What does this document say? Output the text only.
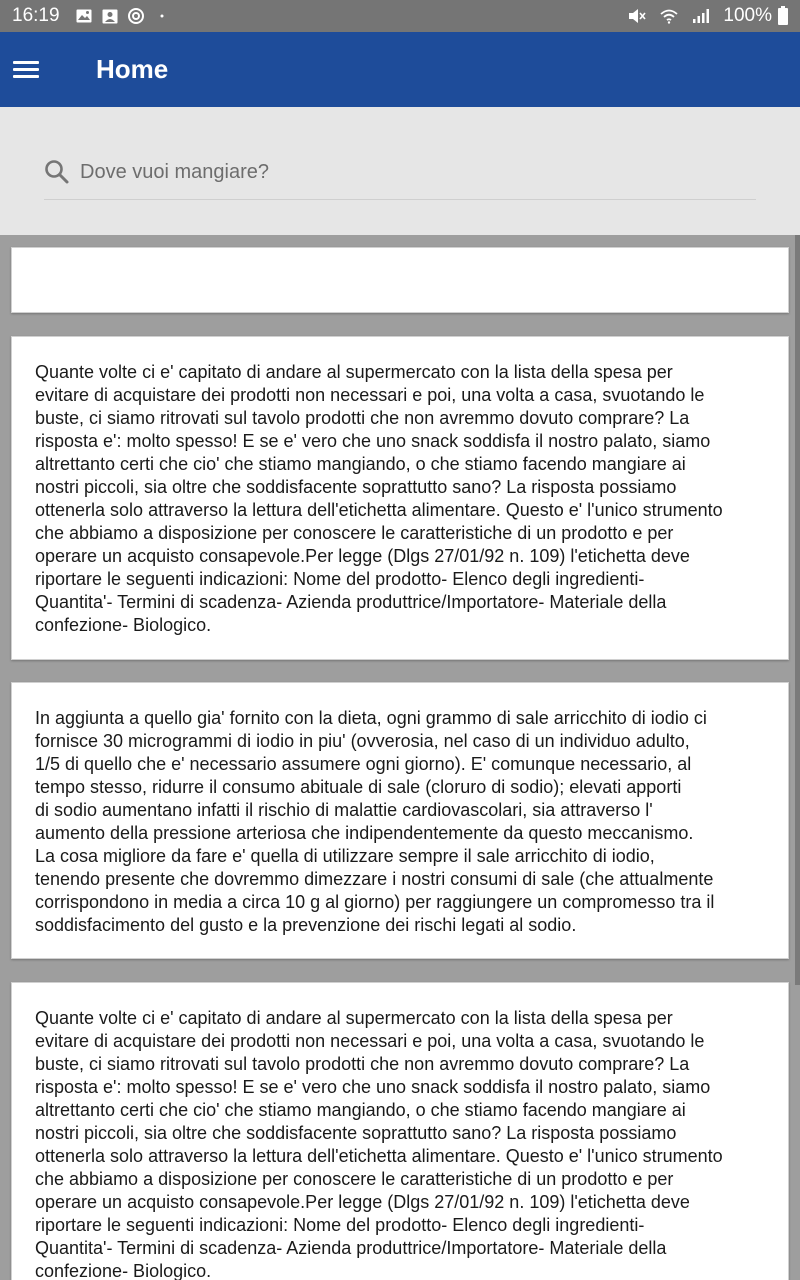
16:19	100%
Home
Dove vuoi mangiare?

Quante volte ci e' capitato di andare al supermercato con la lista della spesa per
evitare di acquistare dei prodotti non necessari e poi, una volta a casa, svuotando le
buste, ci siamo ritrovati sul tavolo prodotti che non avremmo dovuto comprare? La
risposta e': molto spesso! E se e' vero che uno snack soddisfa il nostro palato, siamo
altrettanto certi che cio' che stiamo mangiando, o che stiamo facendo mangiare ai
nostri piccoli, sia oltre che soddisfacente soprattutto sano? La risposta possiamo
ottenerla solo attraverso la lettura dell'etichetta alimentare. Questo e' l'unico strumento
che abbiamo a disposizione per conoscere le caratteristiche di un prodotto e per
operare un acquisto consapevole.Per legge (Dlgs 27/01/92 n. 109) l'etichetta deve
riportare le seguenti indicazioni: Nome del prodotto- Elenco degli ingredienti-
Quantita'- Termini di scadenza- Azienda produttrice/Importatore- Materiale della
confezione- Biologico.

In aggiunta a quello gia' fornito con la dieta, ogni grammo di sale arricchito di iodio ci
fornisce 30 microgrammi di iodio in piu' (ovverosia, nel caso di un individuo adulto,
1/5 di quello che e' necessario assumere ogni giorno). E' comunque necessario, al
tempo stesso, ridurre il consumo abituale di sale (cloruro di sodio); elevati apporti
di sodio aumentano infatti il rischio di malattie cardiovascolari, sia attraverso l'
aumento della pressione arteriosa che indipendentemente da questo meccanismo.
La cosa migliore da fare e' quella di utilizzare sempre il sale arricchito di iodio,
tenendo presente che dovremmo dimezzare i nostri consumi di sale (che attualmente
corrispondono in media a circa 10 g al giorno) per raggiungere un compromesso tra il
soddisfacimento del gusto e la prevenzione dei rischi legati al sodio.

Quante volte ci e' capitato di andare al supermercato con la lista della spesa per
evitare di acquistare dei prodotti non necessari e poi, una volta a casa, svuotando le
buste, ci siamo ritrovati sul tavolo prodotti che non avremmo dovuto comprare? La
risposta e': molto spesso! E se e' vero che uno snack soddisfa il nostro palato, siamo
altrettanto certi che cio' che stiamo mangiando, o che stiamo facendo mangiare ai
nostri piccoli, sia oltre che soddisfacente soprattutto sano? La risposta possiamo
ottenerla solo attraverso la lettura dell'etichetta alimentare. Questo e' l'unico strumento
che abbiamo a disposizione per conoscere le caratteristiche di un prodotto e per
operare un acquisto consapevole.Per legge (Dlgs 27/01/92 n. 109) l'etichetta deve
riportare le seguenti indicazioni: Nome del prodotto- Elenco degli ingredienti-
Quantita'- Termini di scadenza- Azienda produttrice/Importatore- Materiale della
confezione- Biologico.
